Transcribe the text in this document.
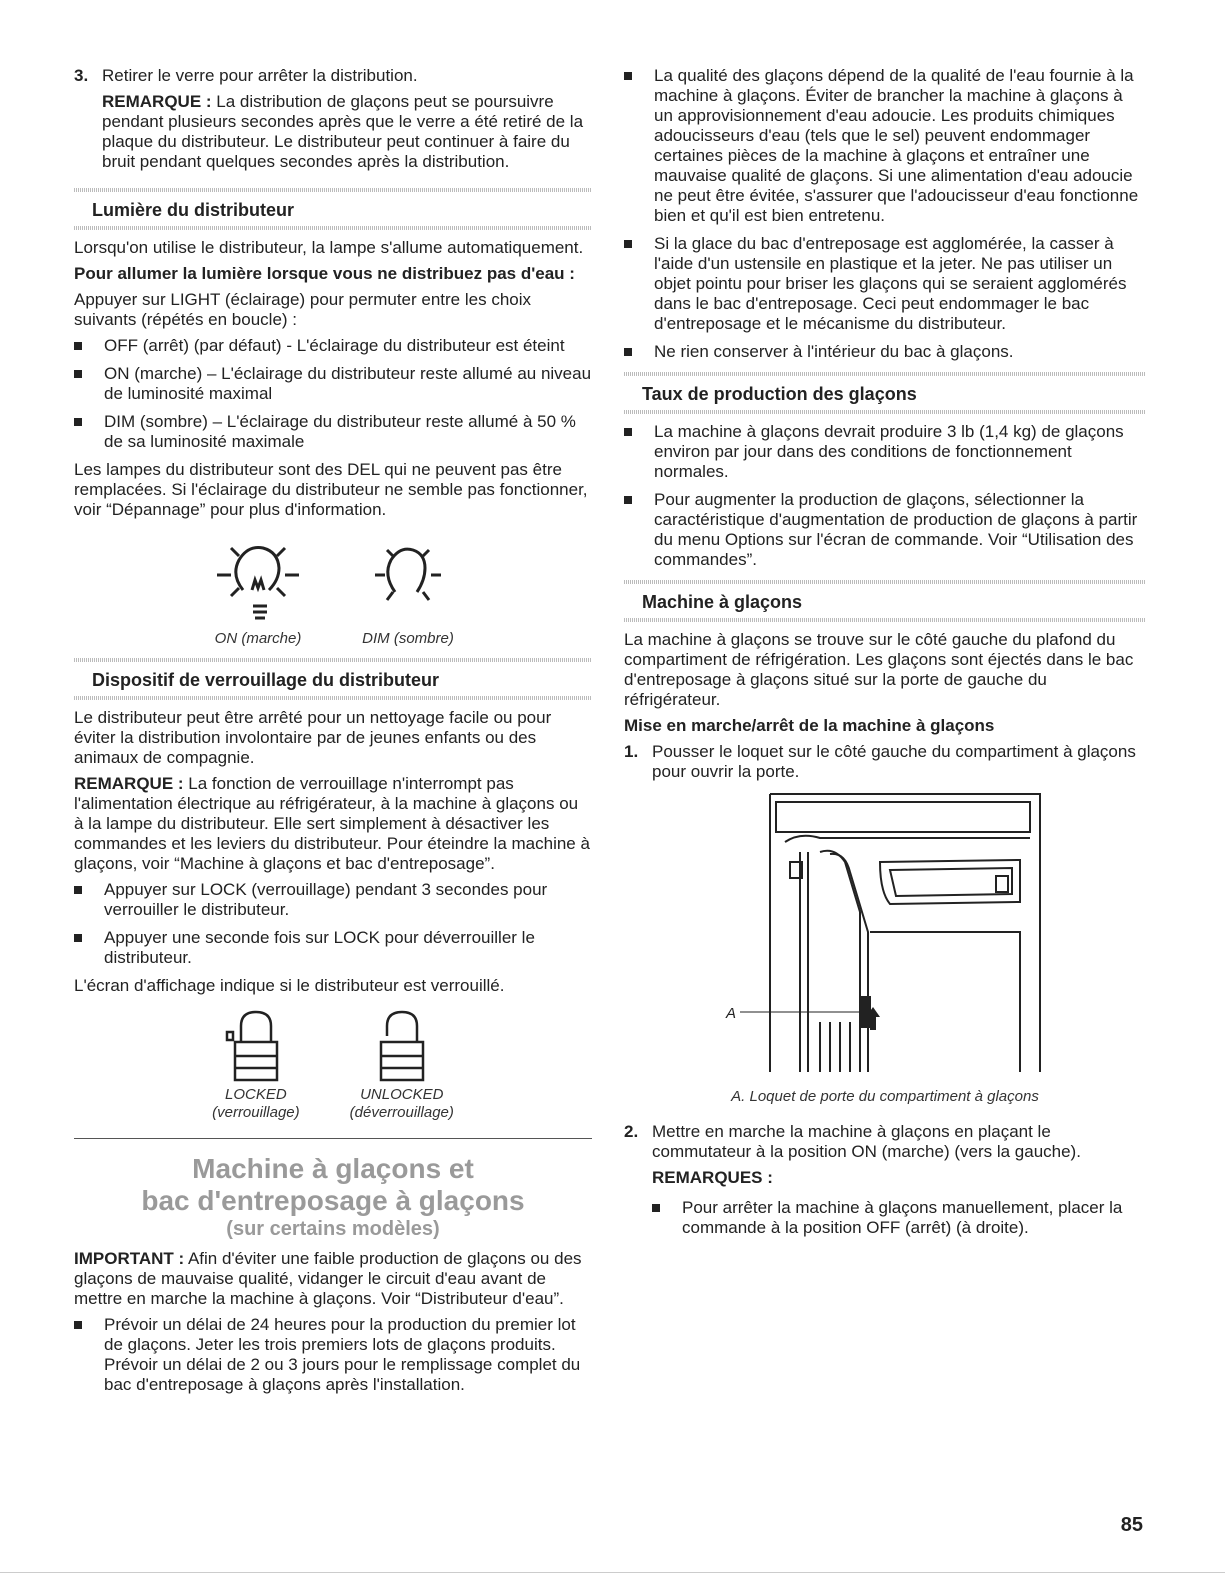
3. Retirer le verre pour arrêter la distribution.

REMARQUE : La distribution de glaçons peut se poursuivre pendant plusieurs secondes après que le verre a été retiré de la plaque du distributeur. Le distributeur peut continuer à faire du bruit pendant quelques secondes après la distribution.

Lumière du distributeur

Lorsqu'on utilise le distributeur, la lampe s'allume automatiquement.

Pour allumer la lumière lorsque vous ne distribuez pas d'eau :

Appuyer sur LIGHT (éclairage) pour permuter entre les choix suivants (répétés en boucle) :

OFF (arrêt) (par défaut) - L'éclairage du distributeur est éteint
ON (marche) – L'éclairage du distributeur reste allumé au niveau de luminosité maximal
DIM (sombre) – L'éclairage du distributeur reste allumé à 50 % de sa luminosité maximale

Les lampes du distributeur sont des DEL qui ne peuvent pas être remplacées. Si l'éclairage du distributeur ne semble pas fonctionner, voir “Dépannage” pour plus d'information.

ON (marche)	DIM (sombre)
Dispositif de verrouillage du distributeur

Le distributeur peut être arrêté pour un nettoyage facile ou pour éviter la distribution involontaire par de jeunes enfants ou des animaux de compagnie.

REMARQUE : La fonction de verrouillage n'interrompt pas l'alimentation électrique au réfrigérateur, à la machine à glaçons ou à la lampe du distributeur. Elle sert simplement à désactiver les commandes et les leviers du distributeur. Pour éteindre la machine à glaçons, voir “Machine à glaçons et bac d'entreposage”.

Appuyer sur LOCK (verrouillage) pendant 3 secondes pour verrouiller le distributeur.
Appuyer une seconde fois sur LOCK pour déverrouiller le distributeur.

L'écran d'affichage indique si le distributeur est verrouillé.

LOCKED
(verrouillage)
UNLOCKED
(déverrouillage)
Machine à glaçons et
bac d'entreposage à glaçons
(sur certains modèles)

IMPORTANT : Afin d'éviter une faible production de glaçons ou des glaçons de mauvaise qualité, vidanger le circuit d'eau avant de mettre en marche la machine à glaçons. Voir “Distributeur d'eau”.

Prévoir un délai de 24 heures pour la production du premier lot de glaçons. Jeter les trois premiers lots de glaçons produits. Prévoir un délai de 2 ou 3 jours pour le remplissage complet du bac d'entreposage à glaçons après l'installation.
La qualité des glaçons dépend de la qualité de l'eau fournie à la machine à glaçons. Éviter de brancher la machine à glaçons à un approvisionnement d'eau adoucie. Les produits chimiques adoucisseurs d'eau (tels que le sel) peuvent endommager certaines pièces de la machine à glaçons et entraîner une mauvaise qualité de glaçons. Si une alimentation d'eau adoucie ne peut être évitée, s'assurer que l'adoucisseur d'eau fonctionne bien et qu'il est bien entretenu.
Si la glace du bac d'entreposage est agglomérée, la casser à l'aide d'un ustensile en plastique et la jeter. Ne pas utiliser un objet pointu pour briser les glaçons qui se seraient agglomérés dans le bac d'entreposage. Ceci peut endommager le bac d'entreposage et le mécanisme du distributeur.
Ne rien conserver à l'intérieur du bac à glaçons.
Taux de production des glaçons
La machine à glaçons devrait produire 3 lb (1,4 kg) de glaçons environ par jour dans des conditions de fonctionnement normales.
Pour augmenter la production de glaçons, sélectionner la caractéristique d'augmentation de production de glaçons à partir du menu Options sur l'écran de commande. Voir “Utilisation des commandes”.
Machine à glaçons

La machine à glaçons se trouve sur le côté gauche du plafond du compartiment de réfrigération. Les glaçons sont éjectés dans le bac d'entreposage à glaçons situé sur la porte de gauche du réfrigérateur.

Mise en marche/arrêt de la machine à glaçons
1. Pousser le loquet sur le côté gauche du compartiment à glaçons pour ouvrir la porte.
A
A. Loquet de porte du compartiment à glaçons
2. Mettre en marche la machine à glaçons en plaçant le commutateur à la position ON (marche) (vers la gauche).

REMARQUES :
Pour arrêter la machine à glaçons manuellement, placer la commande à la position OFF (arrêt) (à droite).
85
